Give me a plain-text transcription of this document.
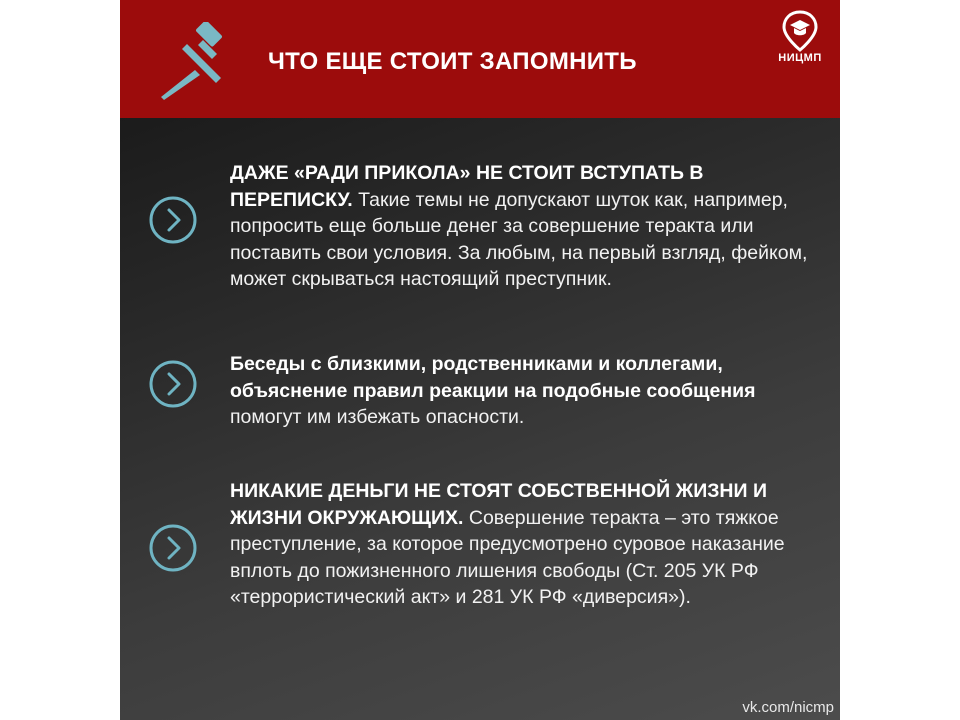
ЧТО ЕЩЕ СТОИТ ЗАПОМНИТЬ	НИЦМП

ДАЖЕ «РАДИ ПРИКОЛА» НЕ СТОИТ ВСТУПАТЬ В ПЕРЕПИСКУ. Такие темы не допускают шуток как, например, попросить еще больше денег за совершение теракта или поставить свои условия. За любым, на первый взгляд, фейком, может скрываться настоящий преступник.

Беседы с близкими, родственниками и коллегами, объяснение правил реакции на подобные сообщения помогут им избежать опасности.

НИКАКИЕ ДЕНЬГИ НЕ СТОЯТ СОБСТВЕННОЙ ЖИЗНИ И ЖИЗНИ ОКРУЖАЮЩИХ. Совершение теракта – это тяжкое преступление, за которое предусмотрено суровое наказание вплоть до пожизненного лишения свободы (Ст. 205 УК РФ «террористический акт» и 281 УК РФ «диверсия»).

vk.com/nicmp
